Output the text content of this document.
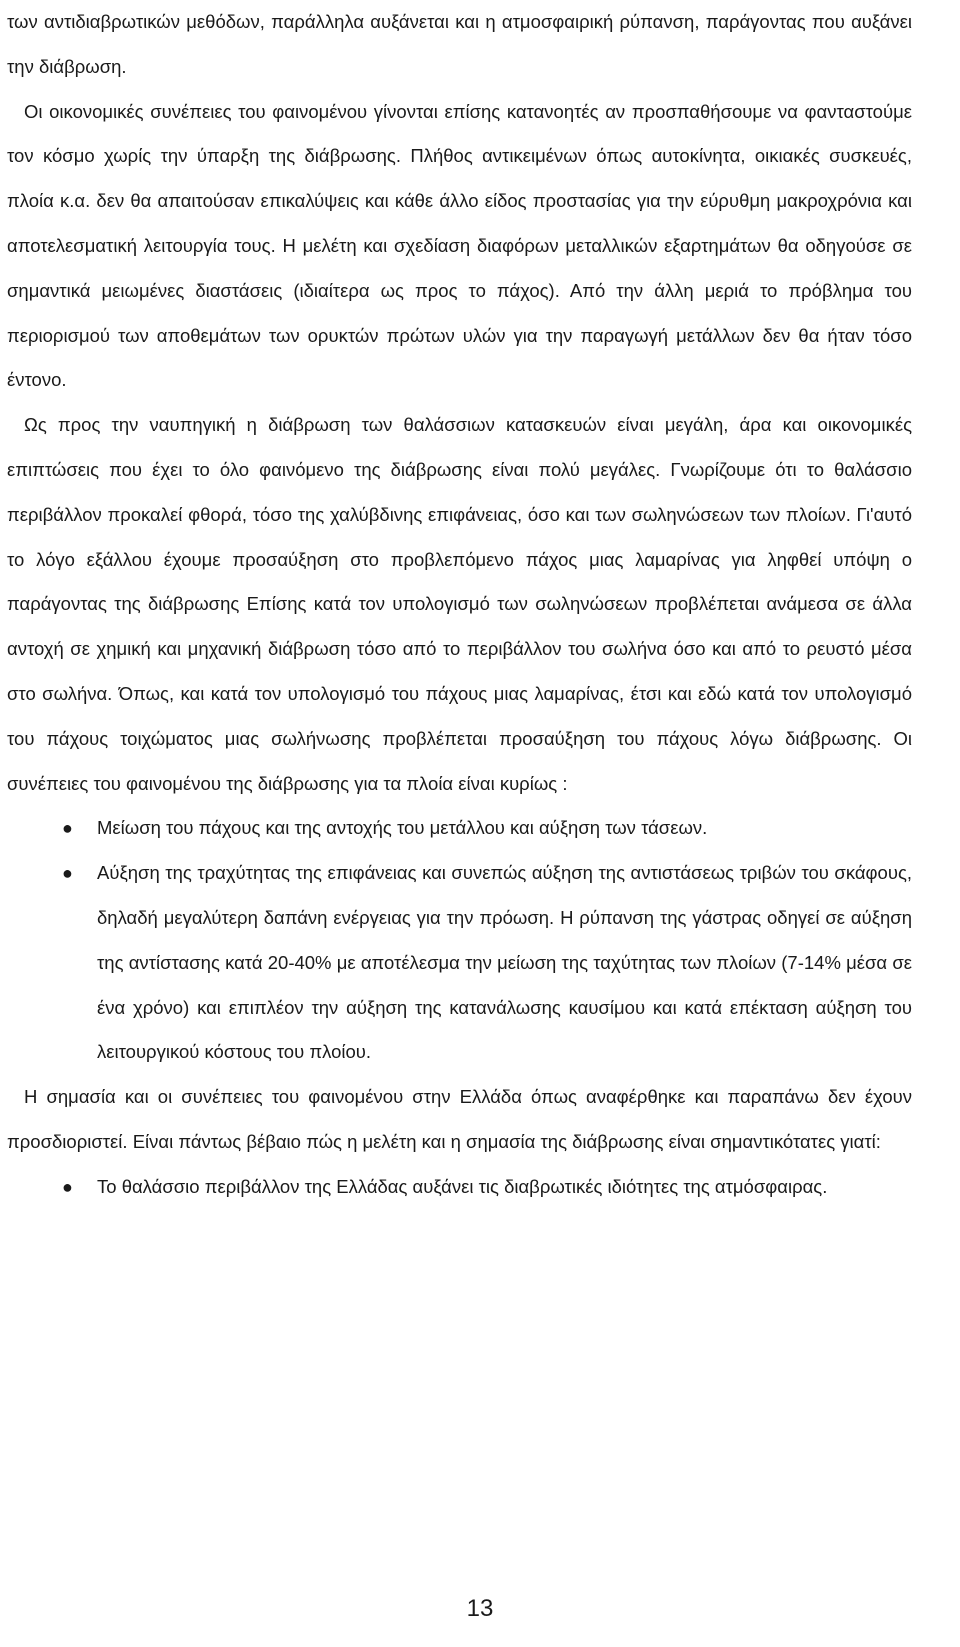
των αντιδιαβρωτικών μεθόδων, παράλληλα αυξάνεται και η ατμοσφαιρική ρύπανση, παράγοντας που αυξάνει την διάβρωση.

Οι οικονομικές συνέπειες του φαινομένου γίνονται επίσης κατανοητές αν προσπαθήσουμε να φανταστούμε τον κόσμο χωρίς την ύπαρξη της διάβρωσης. Πλήθος αντικειμένων όπως αυτοκίνητα, οικιακές συσκευές, πλοία κ.α. δεν θα απαιτούσαν επικαλύψεις και κάθε άλλο είδος προστασίας για την εύρυθμη μακροχρόνια και αποτελεσματική λειτουργία τους. Η μελέτη και σχεδίαση διαφόρων μεταλλικών εξαρτημάτων θα οδηγούσε σε σημαντικά μειωμένες διαστάσεις (ιδιαίτερα ως προς το πάχος). Από την άλλη μεριά το πρόβλημα του περιορισμού των αποθεμάτων των ορυκτών πρώτων υλών για την παραγωγή μετάλλων δεν θα ήταν τόσο έντονο.

Ως προς την ναυπηγική η διάβρωση των θαλάσσιων κατασκευών είναι μεγάλη, άρα και οικονομικές επιπτώσεις που έχει το όλο φαινόμενο της διάβρωσης είναι πολύ μεγάλες. Γνωρίζουμε ότι το θαλάσσιο περιβάλλον προκαλεί φθορά, τόσο της χαλύβδινης επιφάνειας, όσο και των σωληνώσεων των πλοίων. Γι'αυτό το λόγο εξάλλου έχουμε προσαύξηση στο προβλεπόμενο πάχος μιας λαμαρίνας για ληφθεί υπόψη ο παράγοντας της διάβρωσης Επίσης κατά τον υπολογισμό των σωληνώσεων προβλέπεται ανάμεσα σε άλλα αντοχή σε χημική και μηχανική διάβρωση τόσο από το περιβάλλον του σωλήνα όσο και από το ρευστό μέσα στο σωλήνα. Όπως, και κατά τον υπολογισμό του πάχους μιας λαμαρίνας, έτσι και εδώ κατά τον υπολογισμό του πάχους τοιχώματος μιας σωλήνωσης προβλέπεται προσαύξηση του πάχους λόγω διάβρωσης. Οι συνέπειες του φαινομένου της διάβρωσης για τα πλοία είναι κυρίως :

●	Μείωση του πάχους και της αντοχής του μετάλλου και αύξηση των τάσεων.
●	Αύξηση της τραχύτητας της επιφάνειας και συνεπώς αύξηση της αντιστάσεως τριβών του σκάφους, δηλαδή μεγαλύτερη δαπάνη ενέργειας για την πρόωση. Η ρύπανση της γάστρας οδηγεί σε αύξηση της αντίστασης κατά 20-40% με αποτέλεσμα την μείωση της ταχύτητας των πλοίων (7-14% μέσα σε ένα χρόνο) και επιπλέον την αύξηση της κατανάλωσης καυσίμου και κατά επέκταση αύξηση του λειτουργικού κόστους του πλοίου.

Η σημασία και οι συνέπειες του φαινομένου στην Ελλάδα όπως αναφέρθηκε και παραπάνω δεν έχουν προσδιοριστεί. Είναι πάντως βέβαιο πώς η μελέτη και η σημασία της διάβρωσης είναι σημαντικότατες γιατί:

●	Το θαλάσσιο περιβάλλον της Ελλάδας αυξάνει τις διαβρωτικές ιδιότητες της ατμόσφαιρας.
13
